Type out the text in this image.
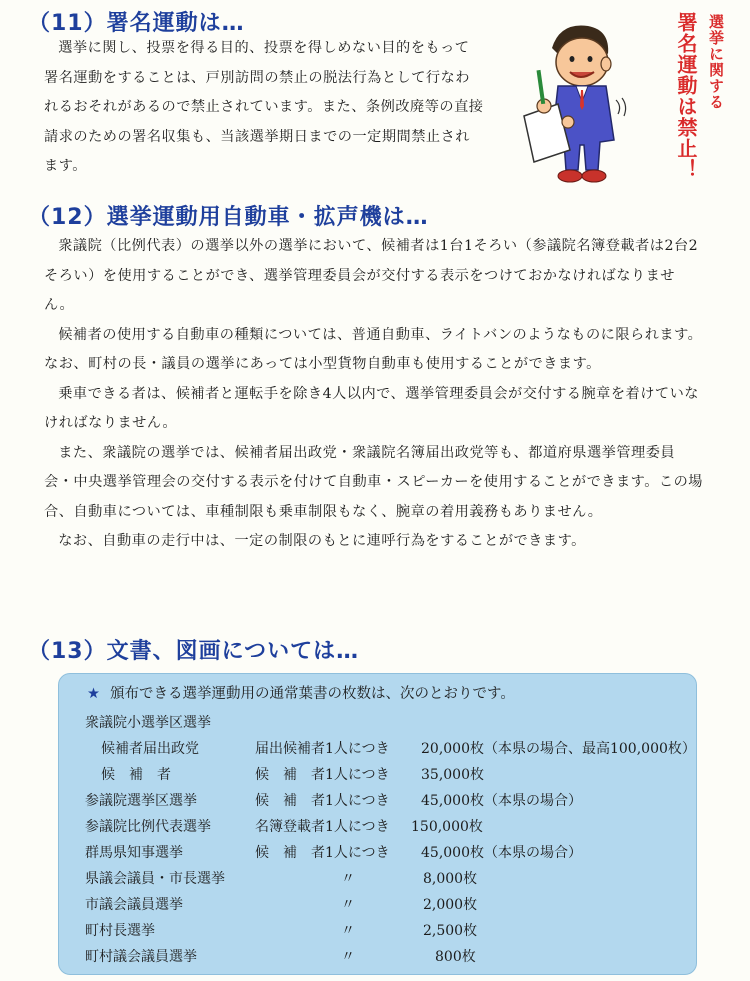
（11）署名運動は…
選挙に関し、投票を得る目的、投票を得しめない目的をもって署名運動をすることは、戸別訪問の禁止の脱法行為として行なわれるおそれがあるので禁止されています。また、条例改廃等の直接請求のための署名収集も、当該選挙期日までの一定期間禁止されます。
選挙に関する
署名運動は禁止！
（12）選挙運動用自動車・拡声機は…

衆議院（比例代表）の選挙以外の選挙において、候補者は1台1そろい（参議院名簿登載者は2台2そろい）を使用することができ、選挙管理委員会が交付する表示をつけておかなければなりません。

候補者の使用する自動車の種類については、普通自動車、ライトバンのようなものに限られます。なお、町村の長・議員の選挙にあっては小型貨物自動車も使用することができます。

乗車できる者は、候補者と運転手を除き4人以内で、選挙管理委員会が交付する腕章を着けていなければなりません。

また、衆議院の選挙では、候補者届出政党・衆議院名簿届出政党等も、都道府県選挙管理委員会・中央選挙管理会の交付する表示を付けて自動車・スピーカーを使用することができます。この場合、自動車については、車種制限も乗車制限もなく、腕章の着用義務もありません。

なお、自動車の走行中は、一定の制限のもとに連呼行為をすることができます。

（13）文書、図画については…
★ 頒布できる選挙運動用の通常葉書の枚数は、次のとおりです。
衆議院小選挙区選挙
候補者届出政党	届出候補者1人につき 20,000枚（本県の場合、最高100,000枚）
候　補　者	候　補　者1人につき 35,000枚
参議院選挙区選挙	候　補　者1人につき 45,000枚（本県の場合）
参議院比例代表選挙	名簿登載者1人につき 150,000枚
群馬県知事選挙	候　補　者1人につき 45,000枚（本県の場合）
県議会議員・市長選挙	〃	8,000枚
市議会議員選挙	〃	2,000枚
町村長選挙	〃	2,500枚
町村議会議員選挙	〃	800枚
